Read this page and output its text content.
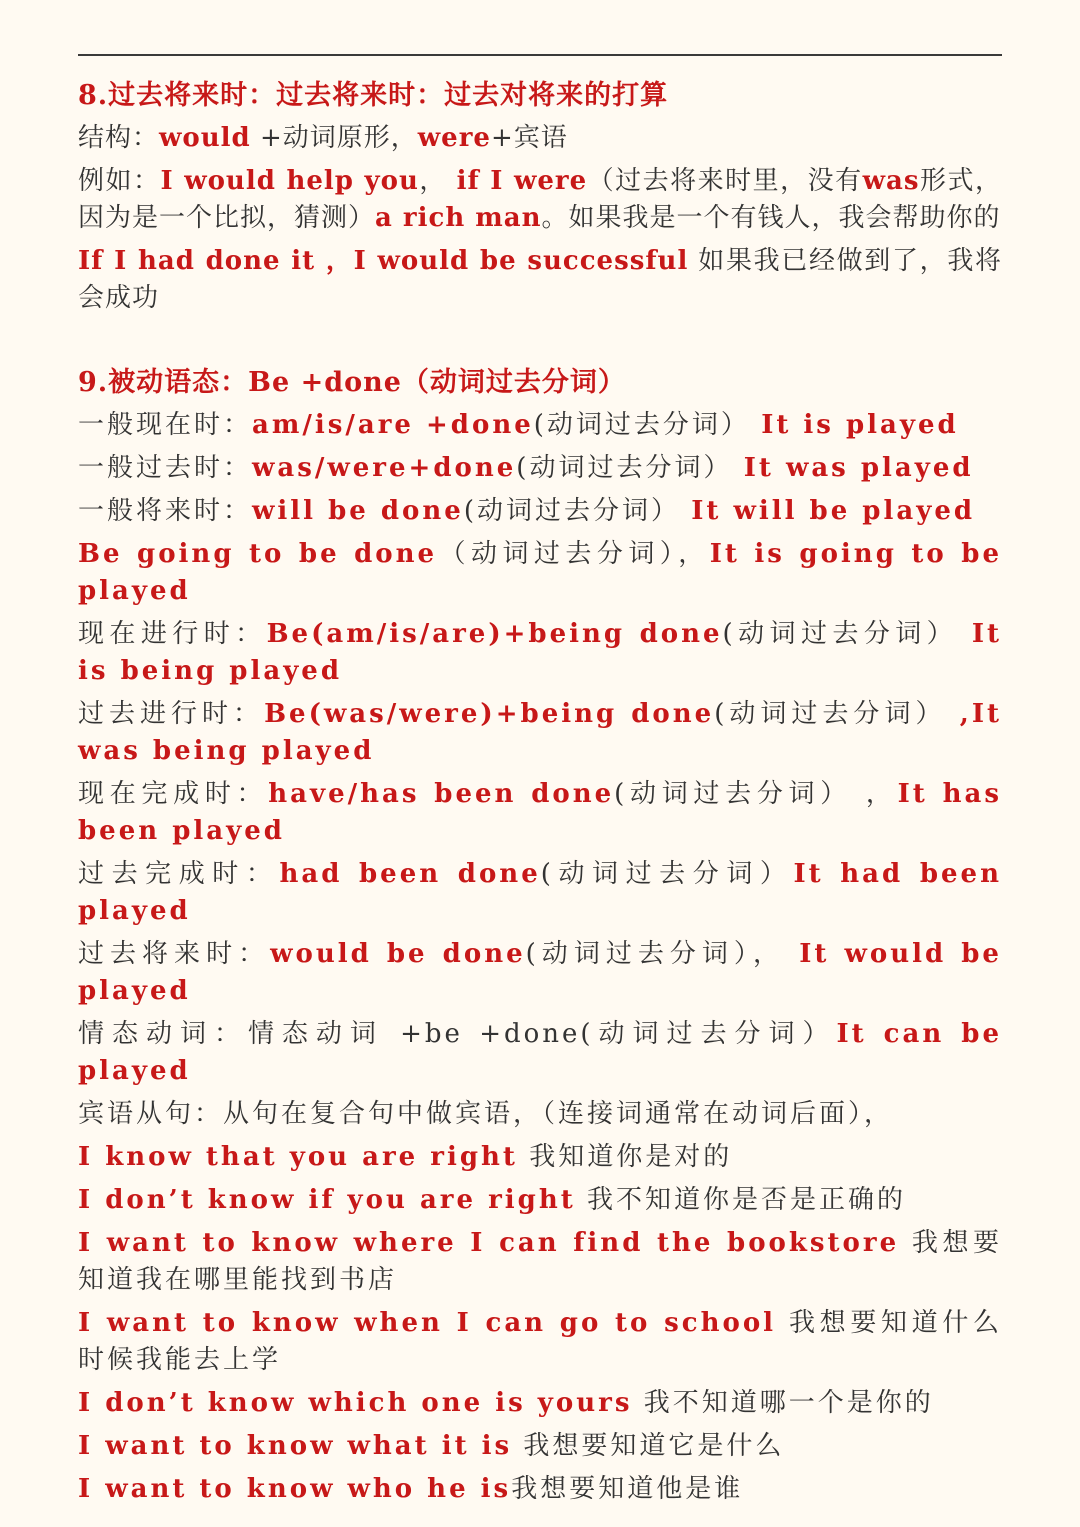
8.过去将来时：过去将来时：过去对将来的打算
结构：would +动词原形，were+宾语
例如：I would help you， if I were（过去将来时里，没有was形式，因为是一个比拟，猜测）a rich man。如果我是一个有钱人，我会帮助你的
If I had done it ，I would be successful 如果我已经做到了，我将会成功
9.被动语态：Be +done（动词过去分词）
一般现在时：am/is/are +done(动词过去分词） It is played
一般过去时：was/were+done(动词过去分词） It was played
一般将来时：will be done(动词过去分词） It will be played
Be going to be done（动词过去分词），It is going to be played
现在进行时：Be(am/is/are)+being done(动词过去分词） It is being played
过去进行时：Be(was/were)+being done(动词过去分词） ,It was being played
现在完成时：have/has been done(动词过去分词） ，It has been played
过去完成时：had been done(动词过去分词）It had been played
过去将来时：would be done(动词过去分词）， It would be played
情态动词：情态动词 +be +done(动词过去分词）It can be played
宾语从句：从句在复合句中做宾语，（连接词通常在动词后面），
I know that you are right 我知道你是对的
I don’t know if you are right 我不知道你是否是正确的
I want to know where I can find the bookstore 我想要知道我在哪里能找到书店
I want to know when I can go to school 我想要知道什么时候我能去上学
I don’t know which one is yours 我不知道哪一个是你的
I want to know what it is 我想要知道它是什么
I want to know who he is我想要知道他是谁
